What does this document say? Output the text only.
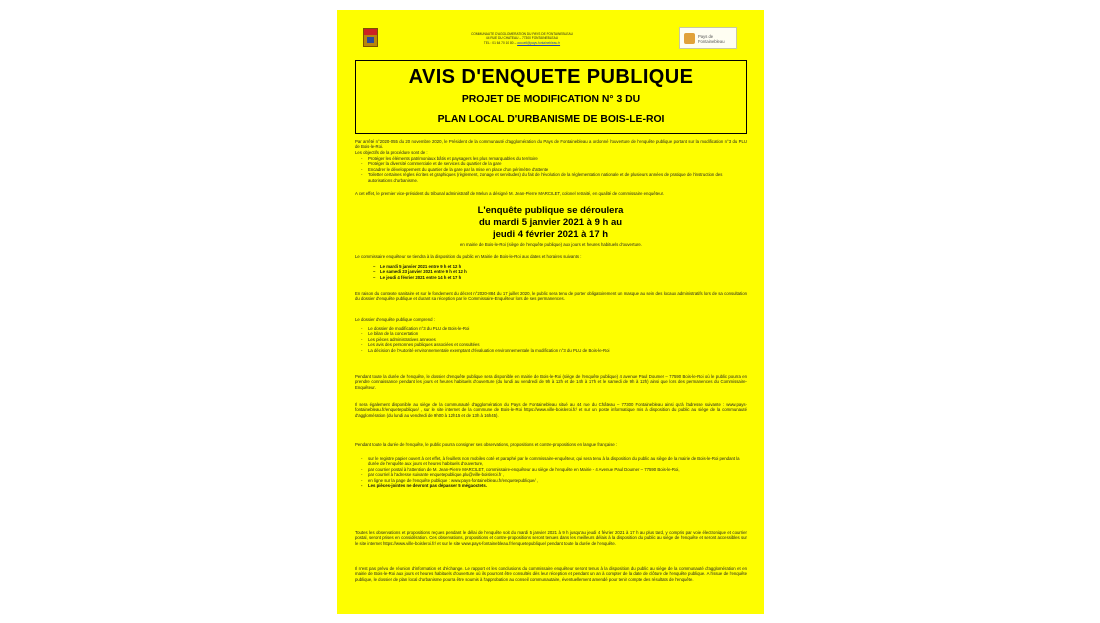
COMMUNAUTE D'AGGLOMERATION DU PAYS DE FONTAINEBLEAU
44 RUE DU CHATEAU – 77300 FONTAINEBLEAU
TEL : 01 64 70 10 80 – accueil@pays-fontainebleau.fr
Pays de
Fontainebleau
AVIS D'ENQUETE PUBLIQUE
PROJET DE MODIFICATION N° 3 DU
PLAN LOCAL D'URBANISME DE BOIS-LE-ROI

Par arrêté n°2020-055 du 20 novembre 2020, le Président de la communauté d'agglomération du Pays de Fontainebleau a ordonné l'ouverture de l'enquête publique portant sur la modification n°3 du PLU de Bois-le-Roi.

Les objectifs de la procédure sont de :

- Protéger les éléments patrimoniaux bâtis et paysagers les plus remarquables du territoire
- Protéger la diversité commerciale et de services du quartier de la gare
- Encadrer le développement du quartier de la gare par la mise en place d'un périmètre d'attente
- Toiletter certaines règles écrites et graphiques (règlement, zonage et servitudes) du fait de l'évolution de la réglementation nationale et de plusieurs années de pratique de l'instruction des autorisations d'urbanisme.

A cet effet, le premier vice-président du tribunal administratif de Melun a désigné M. Jean-Pierre MARCILET, colonel retraité, en qualité de commissaire enquêteur.

L'enquête publique se déroulera
du mardi 5 janvier 2021 à 9 h au
jeudi 4 février 2021 à 17 h

en mairie de Bois-le-Roi (siège de l'enquête publique) aux jours et heures habituels d'ouverture.

Le commissaire enquêteur se tiendra à la disposition du public en Mairie de Bois-le-Roi aux dates et horaires suivants :

– Le mardi 5 janvier 2021 entre 9 h et 12 h
– Le samedi 23 janvier 2021 entre 9 h et 12 h
– Le jeudi 4 février 2021 entre 14 h et 17 h

En raison du contexte sanitaire et sur le fondement du décret n°2020-884 du 17 juillet 2020, le public sera tenu de porter obligatoirement un masque au sein des locaux administratifs lors de sa consultation du dossier d'enquête publique et durant sa réception par le Commissaire-Enquêteur lors de ses permanences.

Le dossier d'enquête publique comprend :

- Le dossier de modification n°3 du PLU de Bois-le-Roi
- Le bilan de la concertation
- Les pièces administratives annexes
- Les avis des personnes publiques associées et consultées
- La décision de l'Autorité environnementale exemptant d'évaluation environnementale la modification n°3 du PLU de Bois-le-Roi

Pendant toute la durée de l'enquête, le dossier d'enquête publique sera disponible en mairie de Bois-le-Roi (siège de l'enquête publique) 4 avenue Paul Doumer – 77590 Bois-le-Roi où le public pourra en prendre connaissance pendant les jours et heures habituels d'ouverture (du lundi au vendredi de 9h à 12h et de 14h à 17h et le samedi de 9h à 12h) ainsi que lors des permanences du Commissaire-Enquêteur.

Il sera également disponible au siège de la communauté d'agglomération du Pays de Fontainebleau situé au 44 rue du Château – 77300 Fontainebleau ainsi qu'à l'adresse suivante : www.pays-fontainebleau.fr/enquetepublique/ , sur le site internet de la commune de Bois-le-Roi https://www.ville-boisleroi.fr/ et sur un poste informatique mis à disposition du public au siège de la communauté d'agglomération (du lundi au vendredi de 9h00 à 12h15 et de 13h à 16h45).

Pendant toute la durée de l'enquête, le public pourra consigner ses observations, propositions et contre-propositions en langue française :

- sur le registre papier ouvert à cet effet, à feuillets non mobiles coté et paraphé par le commissaire-enquêteur, qui sera tenu à la disposition du public au siège de la mairie de Bois-le-Roi pendant la durée de l'enquête aux jours et heures habituels d'ouverture,
- par courrier postal à l'attention de M. Jean-Pierre MARCILET, commissaire-enquêteur au siège de l'enquête en Mairie - 4 Avenue Paul Doumer – 77590 Bois-le-Roi,
- par courriel à l'adresse suivante enquetepublique.plu@ville-boisleroi.fr ,
- en ligne sur la page de l'enquête publique : www.pays-fontainebleau.fr/enquetepublique/ ,
- Les pièces-jointes ne devront pas dépasser 5 mégaoctets.

Toutes les observations et propositions reçues pendant le délai de l'enquête soit du mardi 5 janvier 2021 à 9 h jusqu'au jeudi 4 février 2021 à 17 h au plus tard, y compris par voie électronique et courrier postal, seront prises en considération. Ces observations, propositions et contre-propositions seront tenues dans les meilleurs délais à la disposition du public au siège de l'enquête et seront accessibles sur le site internet https://www.ville-boisleroi.fr/ et sur le site www.pays-fontainebleau.fr/enquetepublique/ pendant toute la durée de l'enquête.

Il n'est pas prévu de réunion d'information et d'échange. Le rapport et les conclusions du commissaire enquêteur seront tenus à la disposition du public au siège de la communauté d'agglomération et en mairie de Bois-le-Roi aux jours et heures habituels d'ouverture où ils pourront être consultés dès leur réception et pendant un an à compter de la date de clôture de l'enquête publique. A l'issue de l'enquête publique, le dossier de plan local d'urbanisme pourra être soumis à l'approbation au conseil communautaire, éventuellement amendé pour tenir compte des résultats de l'enquête.
